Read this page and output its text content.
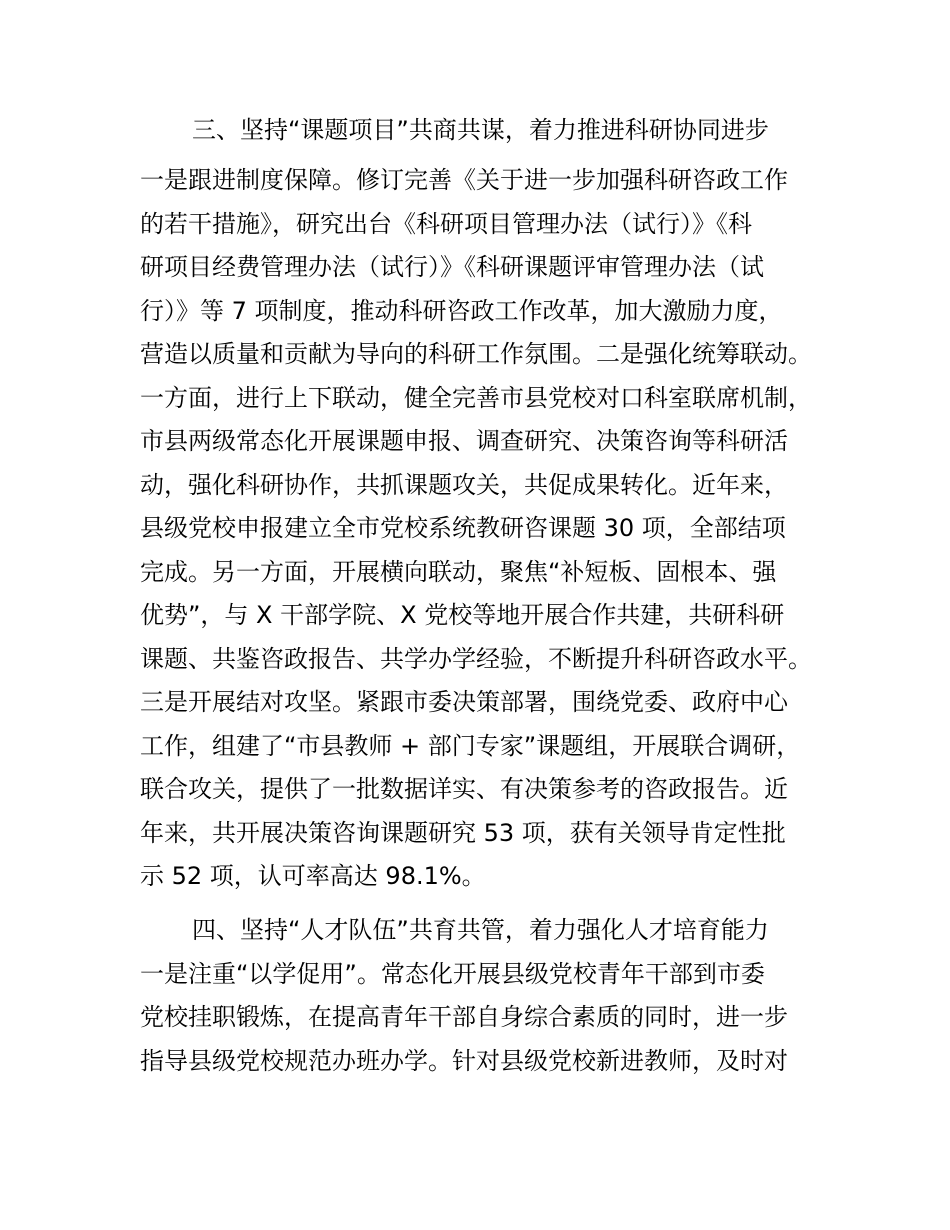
三、坚持“课题项目”共商共谋，着力推进科研协同进步
一是跟进制度保障。修订完善《关于进一步加强科研咨政工作
的若干措施》，研究出台《科研项目管理办法（试行）》《科
研项目经费管理办法（试行）》《科研课题评审管理办法（试
行）》等 7 项制度，推动科研咨政工作改革，加大激励力度，
营造以质量和贡献为导向的科研工作氛围。二是强化统筹联动。
一方面，进行上下联动，健全完善市县党校对口科室联席机制，
市县两级常态化开展课题申报、调查研究、决策咨询等科研活
动，强化科研协作，共抓课题攻关，共促成果转化。近年来，
县级党校申报建立全市党校系统教研咨课题 30 项，全部结项
完成。另一方面，开展横向联动，聚焦“补短板、固根本、强
优势”，与 X 干部学院、X 党校等地开展合作共建，共研科研
课题、共鉴咨政报告、共学办学经验，不断提升科研咨政水平。
三是开展结对攻坚。紧跟市委决策部署，围绕党委、政府中心
工作，组建了“市县教师 + 部门专家”课题组，开展联合调研，
联合攻关，提供了一批数据详实、有决策参考的咨政报告。近
年来，共开展决策咨询课题研究 53 项，获有关领导肯定性批
示 52 项，认可率高达 98.1%。
四、坚持“人才队伍”共育共管，着力强化人才培育能力
一是注重“以学促用”。常态化开展县级党校青年干部到市委
党校挂职锻炼，在提高青年干部自身综合素质的同时，进一步
指导县级党校规范办班办学。针对县级党校新进教师，及时对
